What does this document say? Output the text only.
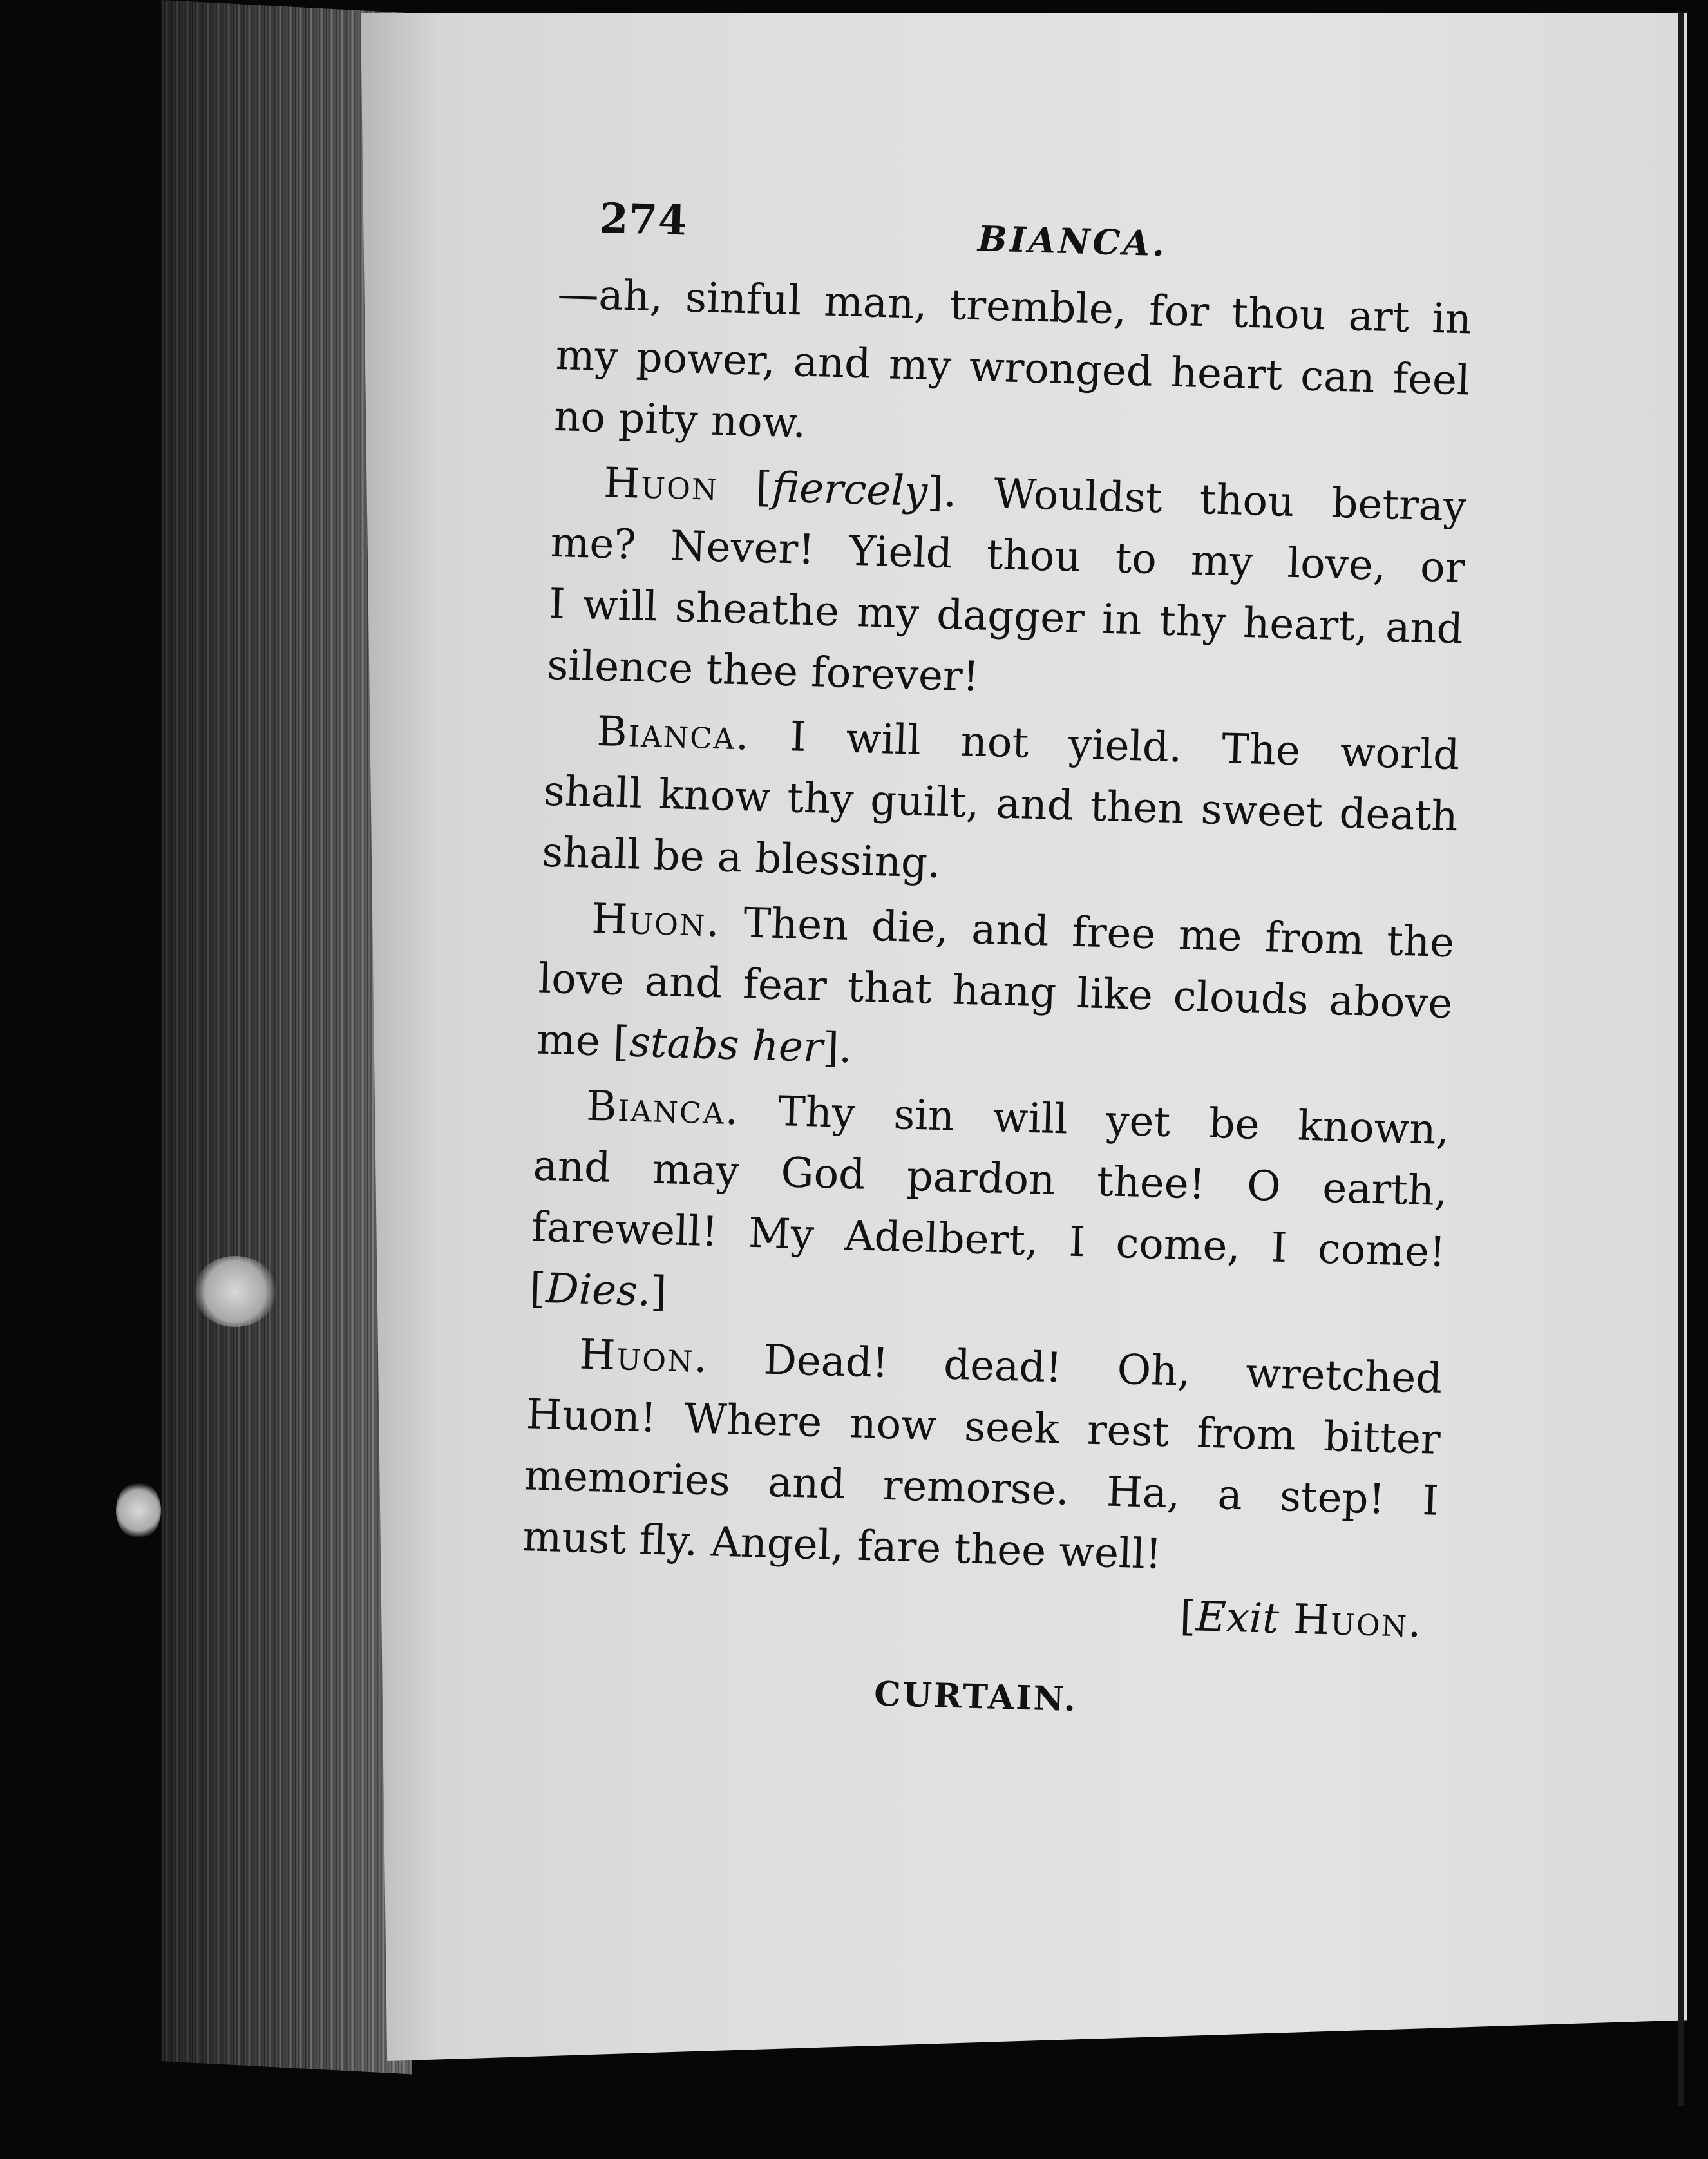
274	BIANCA.
—ah, sinful man, tremble, for thou art in
my power, and my wronged heart can feel
no pity now.
Huon [fiercely]. Wouldst thou betray
me? Never! Yield thou to my love, or
I will sheathe my dagger in thy heart, and
silence thee forever!
Bianca. I will not yield. The world
shall know thy guilt, and then sweet death
shall be a blessing.
Huon. Then die, and free me from the
love and fear that hang like clouds above
me [stabs her].
Bianca. Thy sin will yet be known,
and may God pardon thee! O earth,
farewell! My Adelbert, I come, I come!
[Dies.]
Huon. Dead! dead! Oh, wretched
Huon! Where now seek rest from bitter
memories and remorse. Ha, a step! I
must fly. Angel, fare thee well!
[Exit Huon.
CURTAIN.
